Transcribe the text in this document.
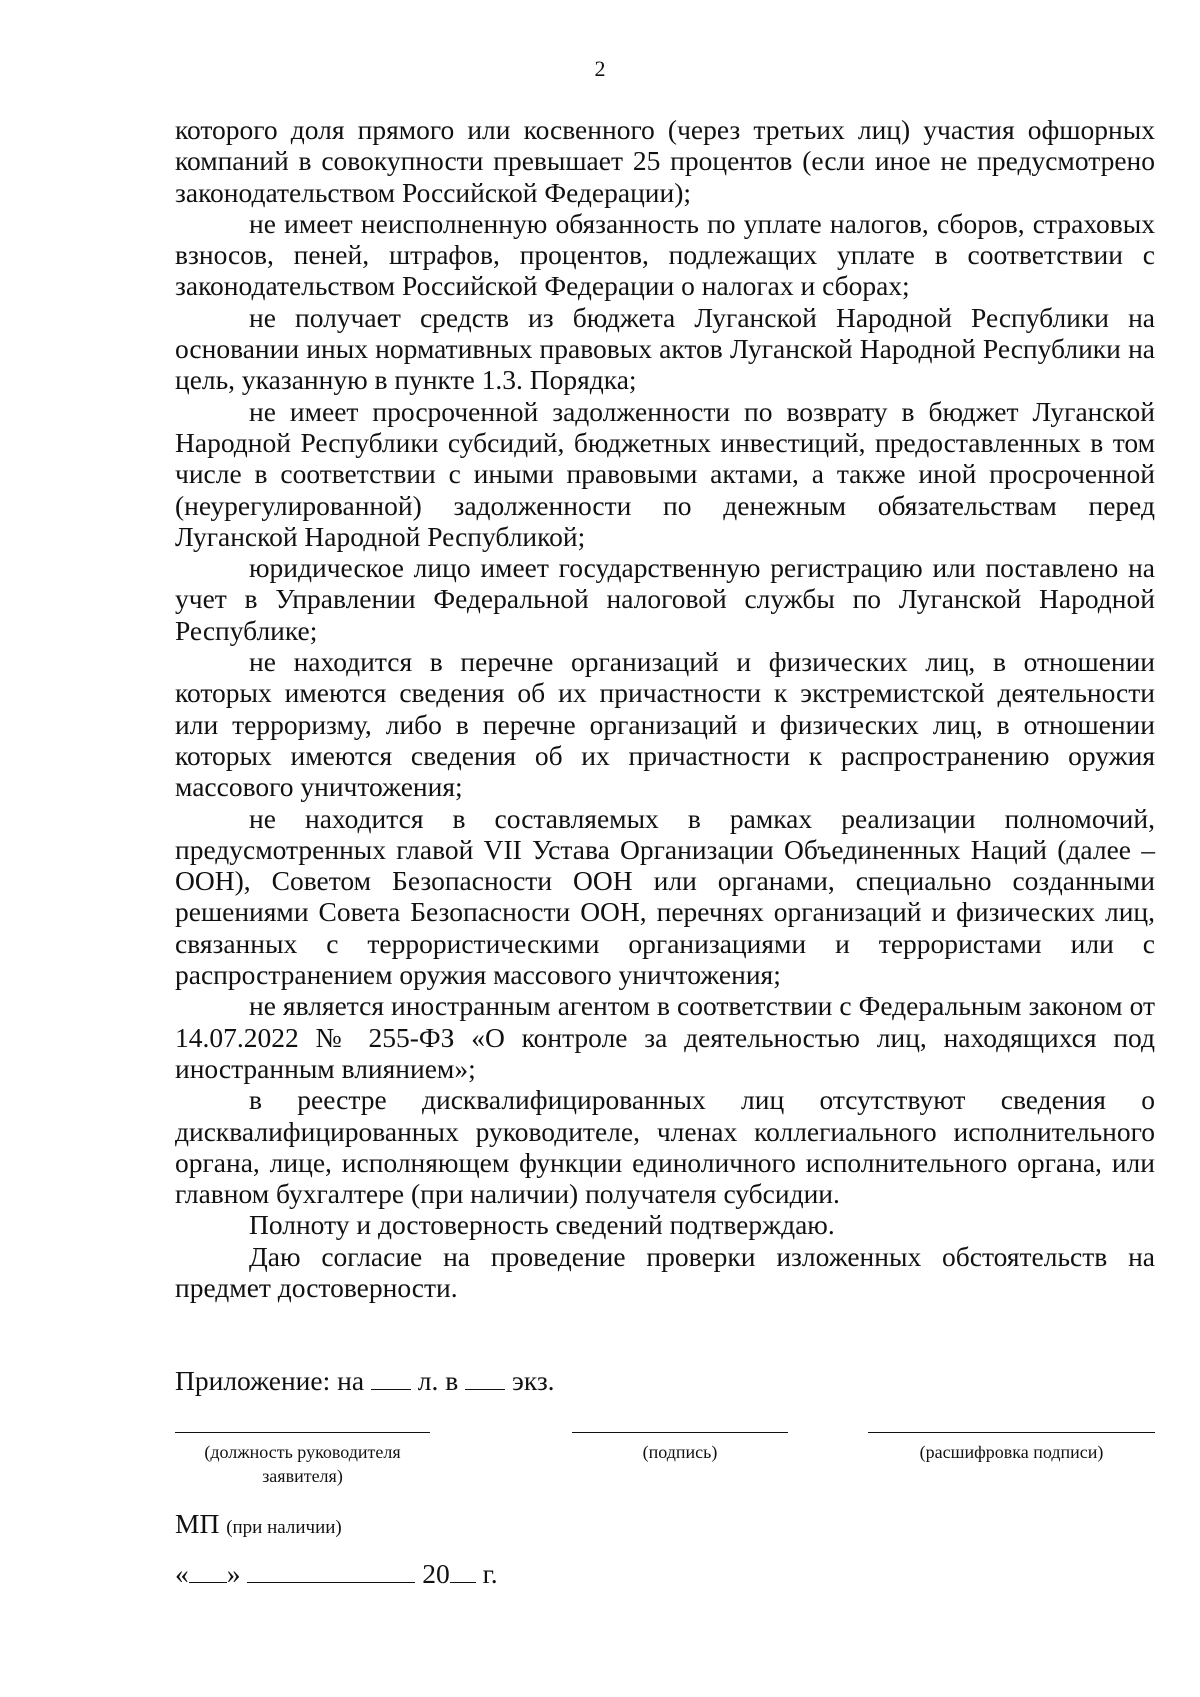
2

которого доля прямого или косвенного (через третьих лиц) участия офшорных компаний в совокупности превышает 25 процентов (если иное не предусмотрено законодательством Российской Федерации);

не имеет неисполненную обязанность по уплате налогов, сборов, страховых взносов, пеней, штрафов, процентов, подлежащих уплате в соответствии с законодательством Российской Федерации о налогах и сборах;

не получает средств из бюджета Луганской Народной Республики на основании иных нормативных правовых актов Луганской Народной Республики на цель, указанную в пункте 1.3. Порядка;

не имеет просроченной задолженности по возврату в бюджет Луганской Народной Республики субсидий, бюджетных инвестиций, предоставленных в том числе в соответствии с иными правовыми актами, а также иной просроченной (неурегулированной) задолженности по денежным обязательствам перед Луганской Народной Республикой;

юридическое лицо имеет государственную регистрацию или поставлено на учет в Управлении Федеральной налоговой службы по Луганской Народной Республике;

не находится в перечне организаций и физических лиц, в отношении которых имеются сведения об их причастности к экстремистской деятельности или терроризму, либо в перечне организаций и физических лиц, в отношении которых имеются сведения об их причастности к распространению оружия массового уничтожения;

не находится в составляемых в рамках реализации полномочий, предусмотренных главой VII Устава Организации Объединенных Наций (далее – ООН), Советом Безопасности ООН или органами, специально созданными решениями Совета Безопасности ООН, перечнях организаций и физических лиц, связанных с террористическими организациями и террористами или с распространением оружия массового уничтожения;

не является иностранным агентом в соответствии с Федеральным законом от 14.07.2022 № 255-ФЗ «О контроле за деятельностью лиц, находящихся под иностранным влиянием»;

в реестре дисквалифицированных лиц отсутствуют сведения о дисквалифицированных руководителе, членах коллегиального исполнительного органа, лице, исполняющем функции единоличного исполнительного органа, или главном бухгалтере (при наличии) получателя субсидии.

Полноту и достоверность сведений подтверждаю.

Даю согласие на проведение проверки изложенных обстоятельств на предмет достоверности.

Приложение: на л. в экз.
(должность руководителя заявителя)
(подпись)	(расшифровка подписи)
МП (при наличии)
« »	20 г.
